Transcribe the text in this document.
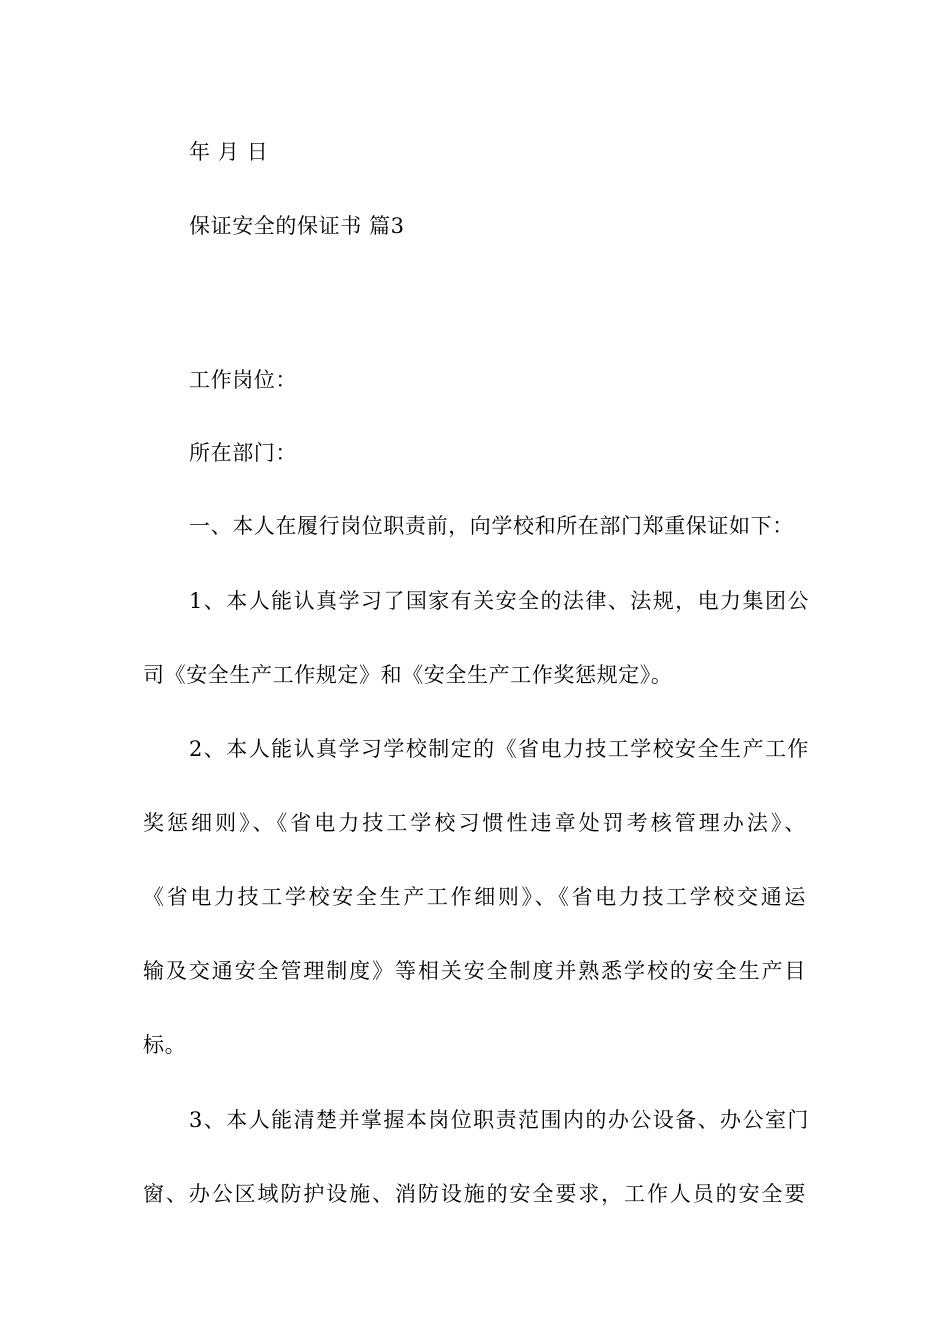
年 月 日
保证安全的保证书 篇3
工作岗位：
所在部门：
一、本人在履行岗位职责前，向学校和所在部门郑重保证如下：
1、本人能认真学习了国家有关安全的法律、法规，电力集团公
司《安全生产工作规定》和《安全生产工作奖惩规定》。
2、本人能认真学习学校制定的《省电力技工学校安全生产工作
奖惩细则》、《省电力技工学校习惯性违章处罚考核管理办法》、
《省电力技工学校安全生产工作细则》、《省电力技工学校交通运
输及交通安全管理制度》等相关安全制度并熟悉学校的安全生产目
标。
3、本人能清楚并掌握本岗位职责范围内的办公设备、办公室门
窗、办公区域防护设施、消防设施的安全要求，工作人员的安全要
